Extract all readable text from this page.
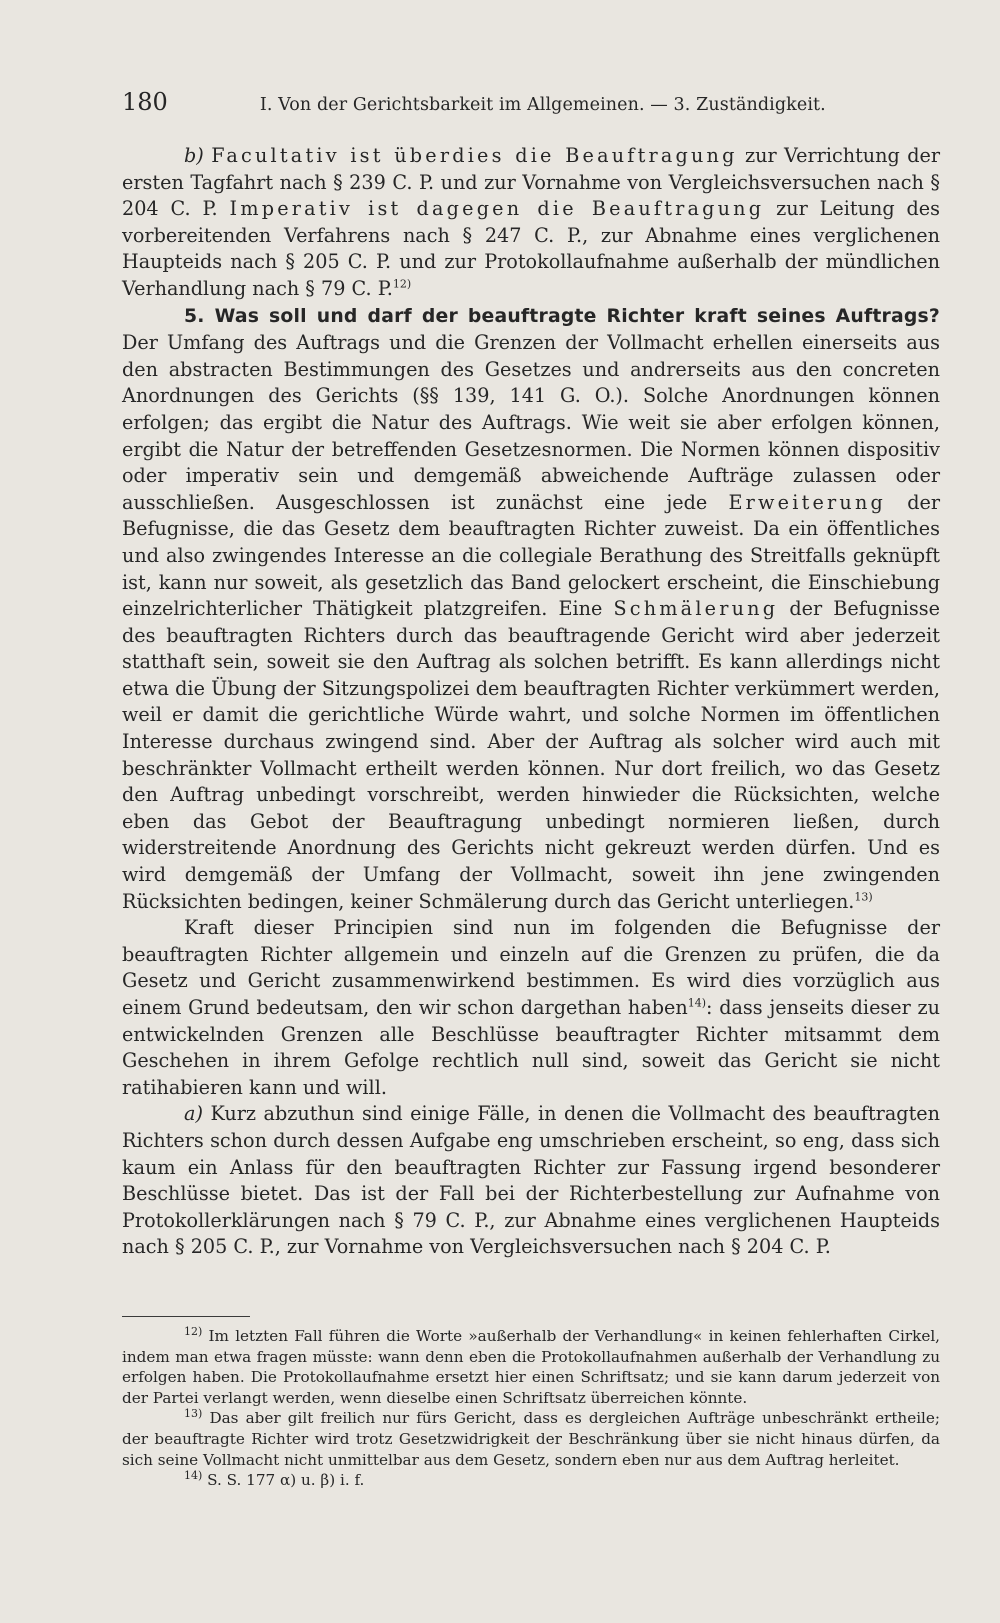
180	I. Von der Gerichtsbarkeit im Allgemeinen. — 3. Zuständigkeit.

b) Facultativ ist überdies die Beauftragung zur Verrichtung der ersten Tagfahrt nach § 239 C. P. und zur Vornahme von Vergleichsversuchen nach § 204 C. P. Imperativ ist dagegen die Beauftragung zur Leitung des vorbereitenden Verfahrens nach § 247 C. P., zur Abnahme eines verglichenen Haupteids nach § 205 C. P. und zur Protokollaufnahme außerhalb der mündlichen Verhandlung nach § 79 C. P.$^{12)}$

5. Was soll und darf der beauftragte Richter kraft seines Auftrags? Der Umfang des Auftrags und die Grenzen der Vollmacht erhellen einerseits aus den abstracten Bestimmungen des Gesetzes und andrerseits aus den concreten Anordnungen des Gerichts (§§ 139, 141 G. O.). Solche Anordnungen können erfolgen; das ergibt die Natur des Auftrags. Wie weit sie aber erfolgen können, ergibt die Natur der betreffenden Gesetzesnormen. Die Normen können dispositiv oder imperativ sein und demgemäß abweichende Aufträge zulassen oder ausschließen. Ausgeschlossen ist zunächst eine jede Erweiterung der Befugnisse, die das Gesetz dem beauftragten Richter zuweist. Da ein öffentliches und also zwingendes Interesse an die collegiale Berathung des Streitfalls geknüpft ist, kann nur soweit, als gesetzlich das Band gelockert erscheint, die Einschiebung einzelrichterlicher Thätigkeit platzgreifen. Eine Schmälerung der Befugnisse des beauftragten Richters durch das beauftragende Gericht wird aber jederzeit statthaft sein, soweit sie den Auftrag als solchen betrifft. Es kann allerdings nicht etwa die Übung der Sitzungspolizei dem beauftragten Richter verkümmert werden, weil er damit die gerichtliche Würde wahrt, und solche Normen im öffentlichen Interesse durchaus zwingend sind. Aber der Auftrag als solcher wird auch mit beschränkter Vollmacht ertheilt werden können. Nur dort freilich, wo das Gesetz den Auftrag unbedingt vorschreibt, werden hinwieder die Rücksichten, welche eben das Gebot der Beauftragung unbedingt normieren ließen, durch widerstreitende Anordnung des Gerichts nicht gekreuzt werden dürfen. Und es wird demgemäß der Umfang der Vollmacht, soweit ihn jene zwingenden Rücksichten bedingen, keiner Schmälerung durch das Gericht unterliegen.$^{13)}$

Kraft dieser Principien sind nun im folgenden die Befugnisse der beauftragten Richter allgemein und einzeln auf die Grenzen zu prüfen, die da Gesetz und Gericht zusammenwirkend bestimmen. Es wird dies vorzüglich aus einem Grund bedeutsam, den wir schon dargethan haben$^{14)}$: dass jenseits dieser zu entwickelnden Grenzen alle Beschlüsse beauftragter Richter mitsammt dem Geschehen in ihrem Gefolge rechtlich null sind, soweit das Gericht sie nicht ratihabieren kann und will.

a) Kurz abzuthun sind einige Fälle, in denen die Vollmacht des beauftragten Richters schon durch dessen Aufgabe eng umschrieben erscheint, so eng, dass sich kaum ein Anlass für den beauftragten Richter zur Fassung irgend besonderer Beschlüsse bietet. Das ist der Fall bei der Richterbestellung zur Aufnahme von Protokollerklärungen nach § 79 C. P., zur Abnahme eines verglichenen Haupteids nach § 205 C. P., zur Vornahme von Vergleichsversuchen nach § 204 C. P.

$^{12)}$ Im letzten Fall führen die Worte »außerhalb der Verhandlung« in keinen fehlerhaften Cirkel, indem man etwa fragen müsste: wann denn eben die Protokollaufnahmen außerhalb der Verhandlung zu erfolgen haben. Die Protokollaufnahme ersetzt hier einen Schriftsatz; und sie kann darum jederzeit von der Partei verlangt werden, wenn dieselbe einen Schriftsatz überreichen könnte.

$^{13)}$ Das aber gilt freilich nur fürs Gericht, dass es dergleichen Aufträge unbeschränkt ertheile; der beauftragte Richter wird trotz Gesetzwidrigkeit der Beschränkung über sie nicht hinaus dürfen, da sich seine Vollmacht nicht unmittelbar aus dem Gesetz, sondern eben nur aus dem Auftrag herleitet.

$^{14)}$ S. S. 177 α) u. β) i. f.
